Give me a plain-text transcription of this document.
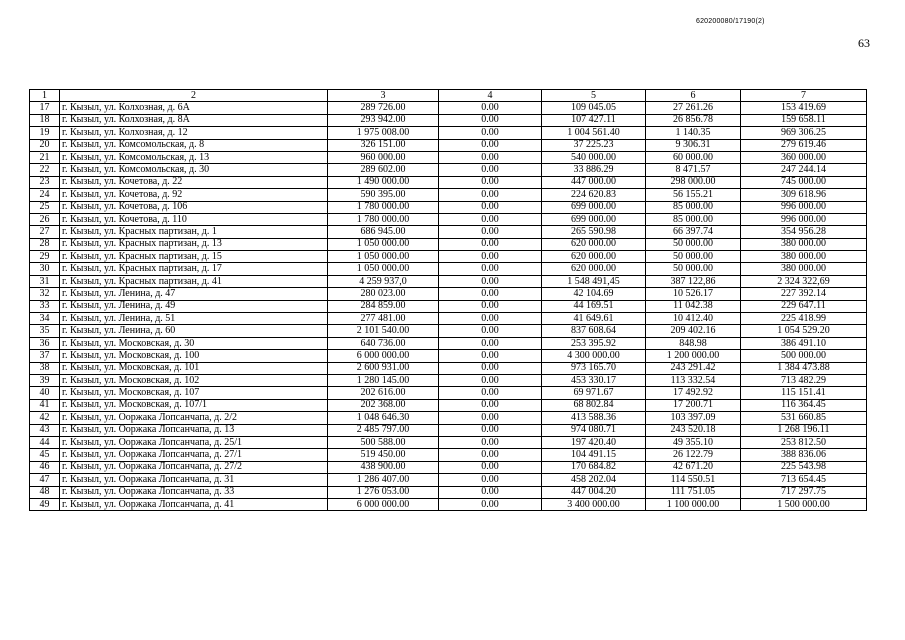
620200080/17190(2)
63
1	2	3	4	5	6	7
17	г. Кызыл, ул. Колхозная, д. 6А	289 726.00	0.00	109 045.05	27 261.26	153 419.69
18	г. Кызыл, ул. Колхозная, д. 8А	293 942.00	0.00	107 427.11	26 856.78	159 658.11
19	г. Кызыл, ул. Колхозная, д. 12	1 975 008.00	0.00	1 004 561.40	1 140.35	969 306.25
20	г. Кызыл, ул. Комсомольская, д. 8	326 151.00	0.00	37 225.23	9 306.31	279 619.46
21	г. Кызыл, ул. Комсомольская, д. 13	960 000.00	0.00	540 000.00	60 000.00	360 000.00
22	г. Кызыл, ул. Комсомольская, д. 30	289 602.00	0.00	33 886.29	8 471.57	247 244.14
23	г. Кызыл, ул. Кочетова, д. 22	1 490 000.00	0.00	447 000.00	298 000.00	745 000.00
24	г. Кызыл, ул. Кочетова, д. 92	590 395.00	0.00	224 620.83	56 155.21	309 618.96
25	г. Кызыл, ул. Кочетова, д. 106	1 780 000.00	0.00	699 000.00	85 000.00	996 000.00
26	г. Кызыл, ул. Кочетова, д. 110	1 780 000.00	0.00	699 000.00	85 000.00	996 000.00
27	г. Кызыл, ул. Красных партизан, д. 1	686 945.00	0.00	265 590.98	66 397.74	354 956.28
28	г. Кызыл, ул. Красных партизан, д. 13	1 050 000.00	0.00	620 000.00	50 000.00	380 000.00
29	г. Кызыл, ул. Красных партизан, д. 15	1 050 000.00	0.00	620 000.00	50 000.00	380 000.00
30	г. Кызыл, ул. Красных партизан, д. 17	1 050 000.00	0.00	620 000.00	50 000.00	380 000.00
31	г. Кызыл, ул. Красных партизан, д. 41	4 259 937,0	0.00	1 548 491,45	387 122,86	2 324 322,69
32	г. Кызыл, ул. Ленина, д. 47	280 023.00	0.00	42 104.69	10 526.17	227 392.14
33	г. Кызыл, ул. Ленина, д. 49	284 859.00	0.00	44 169.51	11 042.38	229 647.11
34	г. Кызыл, ул. Ленина, д. 51	277 481.00	0.00	41 649.61	10 412.40	225 418.99
35	г. Кызыл, ул. Ленина, д. 60	2 101 540.00	0.00	837 608.64	209 402.16	1 054 529.20
36	г. Кызыл, ул. Московская, д. 30	640 736.00	0.00	253 395.92	848.98	386 491.10
37	г. Кызыл, ул. Московская, д. 100	6 000 000.00	0.00	4 300 000.00	1 200 000.00	500 000.00
38	г. Кызыл, ул. Московская, д. 101	2 600 931.00	0.00	973 165.70	243 291.42	1 384 473.88
39	г. Кызыл, ул. Московская, д. 102	1 280 145.00	0.00	453 330.17	113 332.54	713 482.29
40	г. Кызыл, ул. Московская, д. 107	202 616.00	0.00	69 971.67	17 492.92	115 151.41
41	г. Кызыл, ул. Московская, д. 107/1	202 368.00	0.00	68 802.84	17 200.71	116 364.45
42	г. Кызыл, ул. Ооржака Лопсанчапа, д. 2/2	1 048 646.30	0.00	413 588.36	103 397.09	531 660.85
43	г. Кызыл, ул. Ооржака Лопсанчапа, д. 13	2 485 797.00	0.00	974 080.71	243 520.18	1 268 196.11
44	г. Кызыл, ул. Ооржака Лопсанчапа, д. 25/1	500 588.00	0.00	197 420.40	49 355.10	253 812.50
45	г. Кызыл, ул. Ооржака Лопсанчапа, д. 27/1	519 450.00	0.00	104 491.15	26 122.79	388 836.06
46	г. Кызыл, ул. Ооржака Лопсанчапа, д. 27/2	438 900.00	0.00	170 684.82	42 671.20	225 543.98
47	г. Кызыл, ул. Ооржака Лопсанчапа, д. 31	1 286 407.00	0.00	458 202.04	114 550.51	713 654.45
48	г. Кызыл, ул. Ооржака Лопсанчапа, д. 33	1 276 053.00	0.00	447 004.20	111 751.05	717 297.75
49	г. Кызыл, ул. Ооржака Лопсанчапа, д. 41	6 000 000.00	0.00	3 400 000.00	1 100 000.00	1 500 000.00
